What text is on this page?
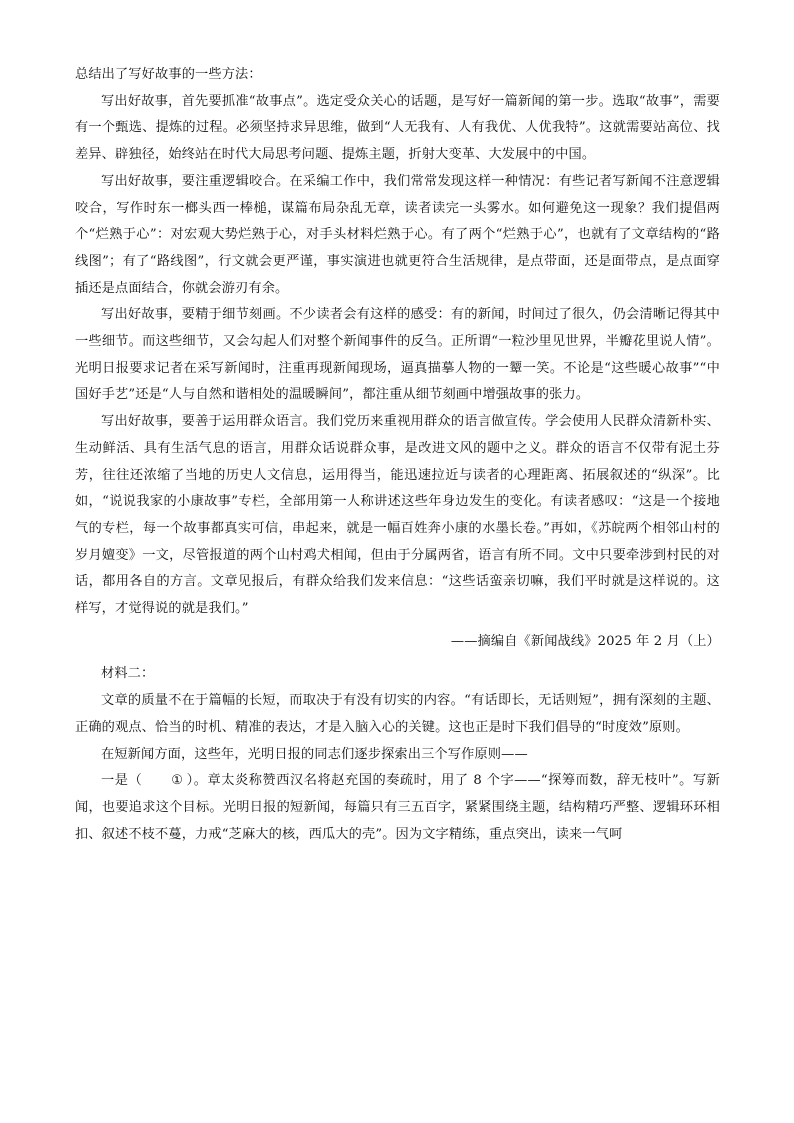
总结出了写好故事的一些方法：

写出好故事，首先要抓准“故事点”。选定受众关心的话题，是写好一篇新闻的第一步。选取“故事”，需要有一个甄选、提炼的过程。必须坚持求异思维，做到“人无我有、人有我优、人优我特”。这就需要站高位、找差异、辟独径，始终站在时代大局思考问题、提炼主题，折射大变革、大发展中的中国。

写出好故事，要注重逻辑咬合。在采编工作中，我们常常发现这样一种情况：有些记者写新闻不注意逻辑咬合，写作时东一榔头西一棒槌，谋篇布局杂乱无章，读者读完一头雾水。如何避免这一现象？我们提倡两个“烂熟于心”：对宏观大势烂熟于心，对手头材料烂熟于心。有了两个“烂熟于心”，也就有了文章结构的“路线图”；有了“路线图”，行文就会更严谨，事实演进也就更符合生活规律，是点带面，还是面带点，是点面穿插还是点面结合，你就会游刃有余。

写出好故事，要精于细节刻画。不少读者会有这样的感受：有的新闻，时间过了很久，仍会清晰记得其中一些细节。而这些细节，又会勾起人们对整个新闻事件的反刍。正所谓“一粒沙里见世界，半瓣花里说人情”。光明日报要求记者在采写新闻时，注重再现新闻现场，逼真描摹人物的一颦一笑。不论是“这些暖心故事”“中国好手艺”还是“人与自然和谐相处的温暖瞬间”，都注重从细节刻画中增强故事的张力。

写出好故事，要善于运用群众语言。我们党历来重视用群众的语言做宣传。学会使用人民群众清新朴实、生动鲜活、具有生活气息的语言，用群众话说群众事，是改进文风的题中之义。群众的语言不仅带有泥土芬芳，往往还浓缩了当地的历史人文信息，运用得当，能迅速拉近与读者的心理距离、拓展叙述的“纵深”。比如，“说说我家的小康故事”专栏，全部用第一人称讲述这些年身边发生的变化。有读者感叹：“这是一个接地气的专栏，每一个故事都真实可信，串起来，就是一幅百姓奔小康的水墨长卷。”再如，《苏皖两个相邻山村的岁月嬗变》一文，尽管报道的两个山村鸡犬相闻，但由于分属两省，语言有所不同。文中只要牵涉到村民的对话，都用各自的方言。文章见报后，有群众给我们发来信息：“这些话蛮亲切嘛，我们平时就是这样说的。这样写，才觉得说的就是我们。”

——摘编自《新闻战线》2025 年 2 月（上）

材料二：

文章的质量不在于篇幅的长短，而取决于有没有切实的内容。“有话即长，无话则短”，拥有深刻的主题、正确的观点、恰当的时机、精准的表达，才是入脑入心的关键。这也正是时下我们倡导的“时度效”原则。

在短新闻方面，这些年，光明日报的同志们逐步探索出三个写作原则——

一是（ ① ）。章太炎称赞西汉名将赵充国的奏疏时，用了 8 个字——“探筹而数，辞无枝叶”。写新闻，也要追求这个目标。光明日报的短新闻，每篇只有三五百字，紧紧围绕主题，结构精巧严整、逻辑环环相扣、叙述不枝不蔓，力戒“芝麻大的核，西瓜大的壳”。因为文字精练，重点突出，读来一气呵
